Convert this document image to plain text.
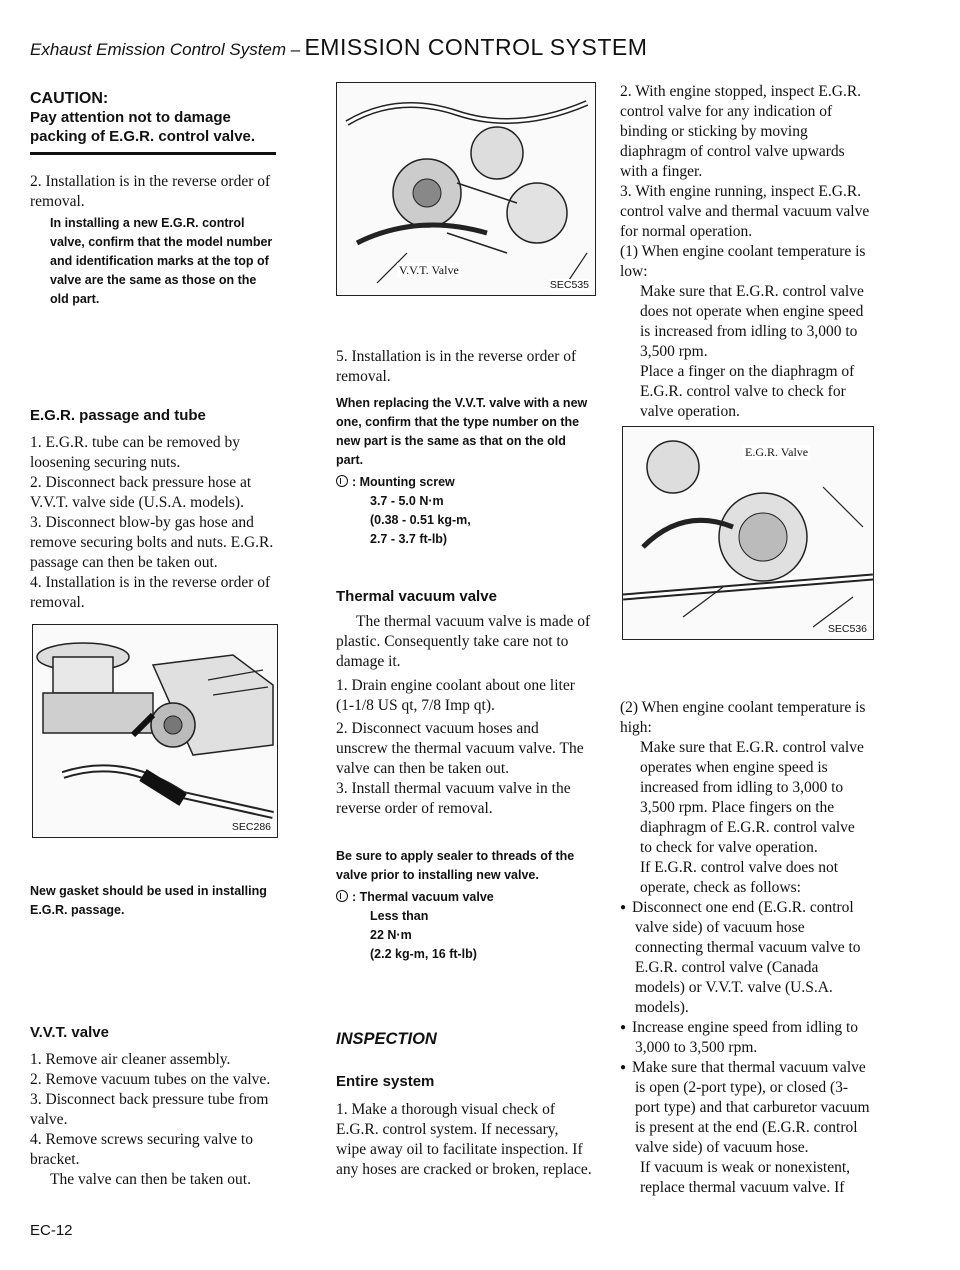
Exhaust Emission Control System – EMISSION CONTROL SYSTEM
CAUTION:
Pay attention not to damage packing of E.G.R. control valve.

2. Installation is in the reverse order of removal.

In installing a new E.G.R. control valve, confirm that the model number and identification marks at the top of valve are the same as those on the old part.

E.G.R. passage and tube

1. E.G.R. tube can be removed by loosening securing nuts.

2. Disconnect back pressure hose at V.V.T. valve side (U.S.A. models).

3. Disconnect blow-by gas hose and remove securing bolts and nuts. E.G.R. passage can then be taken out.

4. Installation is in the reverse order of removal.

SEC286

New gasket should be used in installing E.G.R. passage.

V.V.T. valve

1. Remove air cleaner assembly.

2. Remove vacuum tubes on the valve.

3. Disconnect back pressure tube from valve.

4. Remove screws securing valve to bracket.

The valve can then be taken out.

V.V.T. Valve
SEC535

5. Installation is in the reverse order of removal.

When replacing the V.V.T. valve with a new one, confirm that the type number on the new part is the same as that on the old part.

: Mounting screw
3.7 - 5.0 N·m
(0.38 - 0.51 kg-m,
2.7 - 3.7 ft-lb)
Thermal vacuum valve

The thermal vacuum valve is made of plastic. Consequently take care not to damage it.

1. Drain engine coolant about one liter (1-1/8 US qt, 7/8 Imp qt).

2. Disconnect vacuum hoses and unscrew the thermal vacuum valve. The valve can then be taken out.

3. Install thermal vacuum valve in the reverse order of removal.

Be sure to apply sealer to threads of the valve prior to installing new valve.

: Thermal vacuum valve
Less than
22 N·m
(2.2 kg-m, 16 ft-lb)
INSPECTION
Entire system

1. Make a thorough visual check of E.G.R. control system. If necessary, wipe away oil to facilitate inspection. If any hoses are cracked or broken, replace.

2. With engine stopped, inspect E.G.R. control valve for any indication of binding or sticking by moving diaphragm of control valve upwards with a finger.

3. With engine running, inspect E.G.R. control valve and thermal vacuum valve for normal operation.

(1) When engine coolant temperature is low:

Make sure that E.G.R. control valve does not operate when engine speed is increased from idling to 3,000 to 3,500 rpm.

Place a finger on the diaphragm of E.G.R. control valve to check for valve operation.

E.G.R. Valve
SEC536

(2) When engine coolant temperature is high:

Make sure that E.G.R. control valve operates when engine speed is increased from idling to 3,000 to 3,500 rpm. Place fingers on the diaphragm of E.G.R. control valve to check for valve operation.

If E.G.R. control valve does not operate, check as follows:

● Disconnect one end (E.G.R. control valve side) of vacuum hose connecting thermal vacuum valve to E.G.R. control valve (Canada models) or V.V.T. valve (U.S.A. models).

● Increase engine speed from idling to 3,000 to 3,500 rpm.

● Make sure that thermal vacuum valve is open (2-port type), or closed (3-port type) and that carburetor vacuum is present at the end (E.G.R. control valve side) of vacuum hose.

If vacuum is weak or nonexistent, replace thermal vacuum valve. If

EC-12
